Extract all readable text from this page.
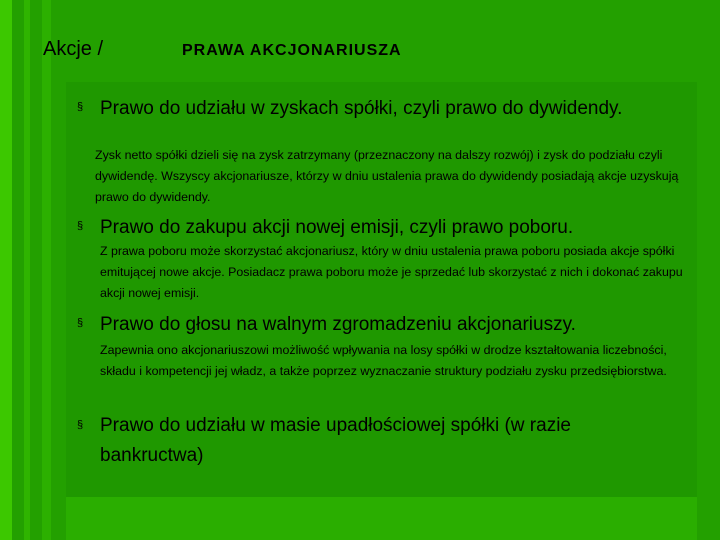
Akcje /	PRAWA AKCJONARIUSZA

§ Prawo do udziału w zyskach spółki, czyli prawo do dywidendy.

Zysk netto spółki dzieli się na zysk zatrzymany (przeznaczony na dalszy rozwój) i zysk do podziału czyli dywidendę. Wszyscy akcjonariusze, którzy w dniu ustalenia prawa do dywidendy posiadają akcje uzyskują prawo do dywidendy.

§ Prawo do zakupu akcji nowej emisji, czyli prawo poboru.

Z prawa poboru może skorzystać akcjonariusz, który w dniu ustalenia prawa poboru posiada akcje spółki emitującej nowe akcje. Posiadacz prawa poboru może je sprzedać lub skorzystać z nich i dokonać zakupu akcji nowej emisji.

§ Prawo do głosu na walnym zgromadzeniu akcjonariuszy.

Zapewnia ono akcjonariuszowi możliwość wpływania na losy spółki w drodze kształtowania liczebności, składu i kompetencji jej władz, a także poprzez wyznaczanie struktury podziału zysku przedsiębiorstwa.

§ Prawo do udziału w masie upadłościowej spółki (w razie bankructwa)
